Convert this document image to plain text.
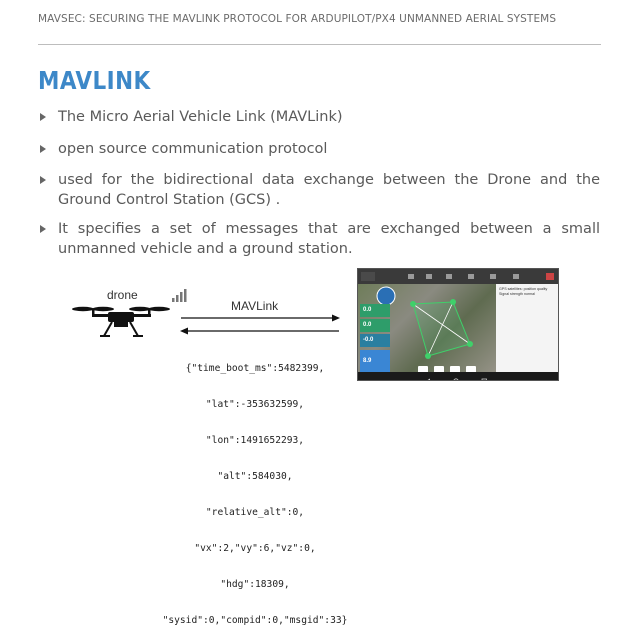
MAVSEC: SECURING THE MAVLINK PROTOCOL FOR ARDUPILOT/PX4 UNMANNED AERIAL SYSTEMS
MAVLINK
The Micro Aerial Vehicle Link (MAVLink)
open source communication protocol
used for the bidirectional data exchange between the Drone and the Ground Control Station (GCS) .
It specifies a set of messages that are exchanged between a small unmanned vehicle and a ground station.
drone
MAVLink

{"time_boot_ms":5482399,

"lat":-353632599,

"lon":1491652293,

"alt":584030,

"relative_alt":0,

"vx":2,"vy":6,"vz":0,

"hdg":18309,

"sysid":0,"compid":0,"msgid":33}

0.0
0.0
-0.0
8.9
GPS satellites: position quality Signal strength normal
